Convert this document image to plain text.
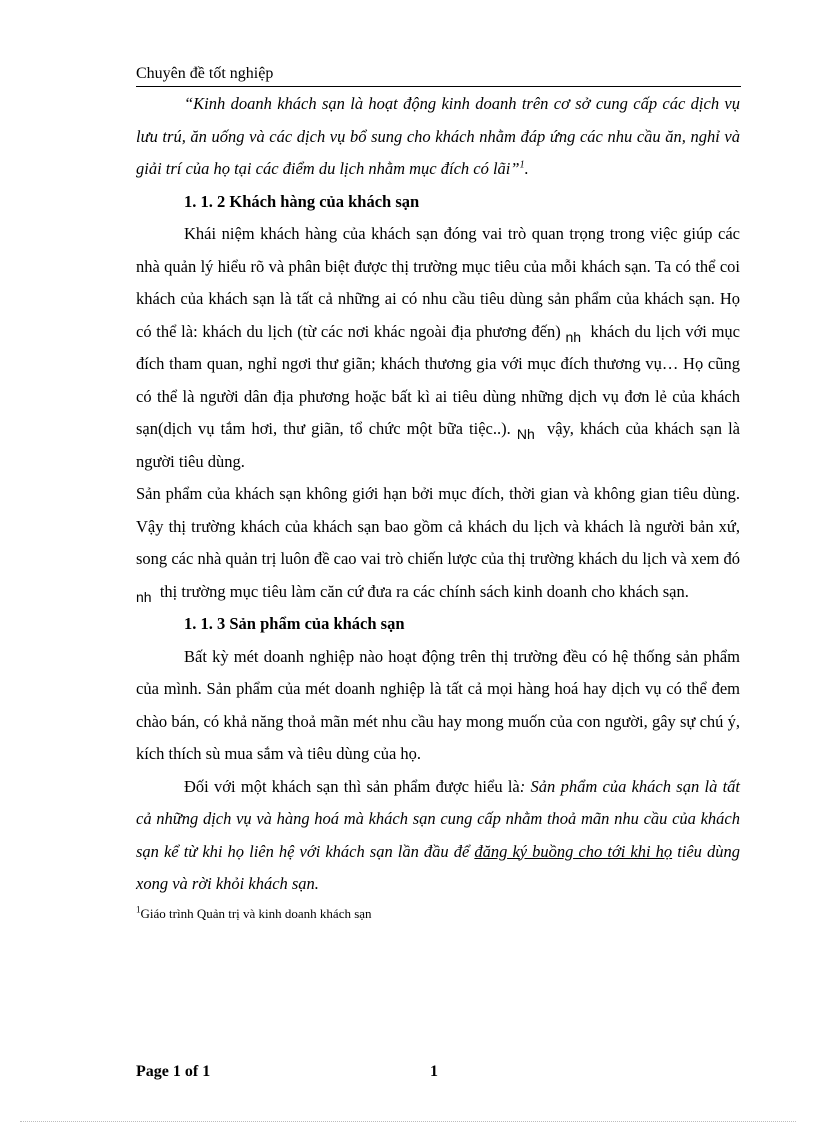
Chuyên đề tốt nghiệp

“Kinh doanh khách sạn là hoạt động kinh doanh trên cơ sở cung cấp các dịch vụ lưu trú, ăn uống và các dịch vụ bổ sung cho khách nhằm đáp ứng các nhu cầu ăn, nghỉ và giải trí của họ tại các điểm du lịch nhằm mục đích có lãi”$^1$.

1. 1. 2 Khách hàng của khách sạn

Khái niệm khách hàng của khách sạn đóng vai trò quan trọng trong việc giúp các nhà quản lý hiểu rõ và phân biệt được thị trường mục tiêu của mỗi khách sạn. Ta có thể coi khách của khách sạn là tất cả những ai có nhu cầu tiêu dùng sản phẩm của khách sạn. Họ có thể là: khách du lịch (từ các nơi khác ngoài địa phương đến) $_{nh}$ khách du lịch với mục đích tham quan, nghỉ ngơi thư giãn; khách thương gia với mục đích thương vụ… Họ cũng có thể là người dân địa phương hoặc bất kì ai tiêu dùng những dịch vụ đơn lẻ của khách sạn(dịch vụ tắm hơi, thư giãn, tổ chức một bữa tiệc..). $_{Nh}$ vậy, khách của khách sạn là người tiêu dùng.

Sản phẩm của khách sạn không giới hạn bởi mục đích, thời gian và không gian tiêu dùng. Vậy thị trường khách của khách sạn bao gồm cả khách du lịch và khách là người bản xứ, song các nhà quản trị luôn đề cao vai trò chiến lược của thị trường khách du lịch và xem đó $_{nh}$ thị trường mục tiêu làm căn cứ đưa ra các chính sách kinh doanh cho khách sạn.

1. 1. 3 Sản phẩm của khách sạn

Bất kỳ mét doanh nghiệp nào hoạt động trên thị trường đều có hệ thống sản phẩm của mình. Sản phẩm của mét doanh nghiệp là tất cả mọi hàng hoá hay dịch vụ có thể đem chào bán, có khả năng thoả mãn mét nhu cầu hay mong muốn của con người, gây sự chú ý, kích thích sù mua sắm và tiêu dùng của họ.

Đối với một khách sạn thì sản phẩm được hiểu là: Sản phẩm của khách sạn là tất cả những dịch vụ và hàng hoá mà khách sạn cung cấp nhằm thoả mãn nhu cầu của khách sạn kể từ khi họ liên hệ với khách sạn lần đầu để đăng ký buồng cho tới khi họ tiêu dùng xong và rời khỏi khách sạn.

$^1$Giáo trình Quản trị và kinh doanh khách sạn
Page 1 of 1	1
